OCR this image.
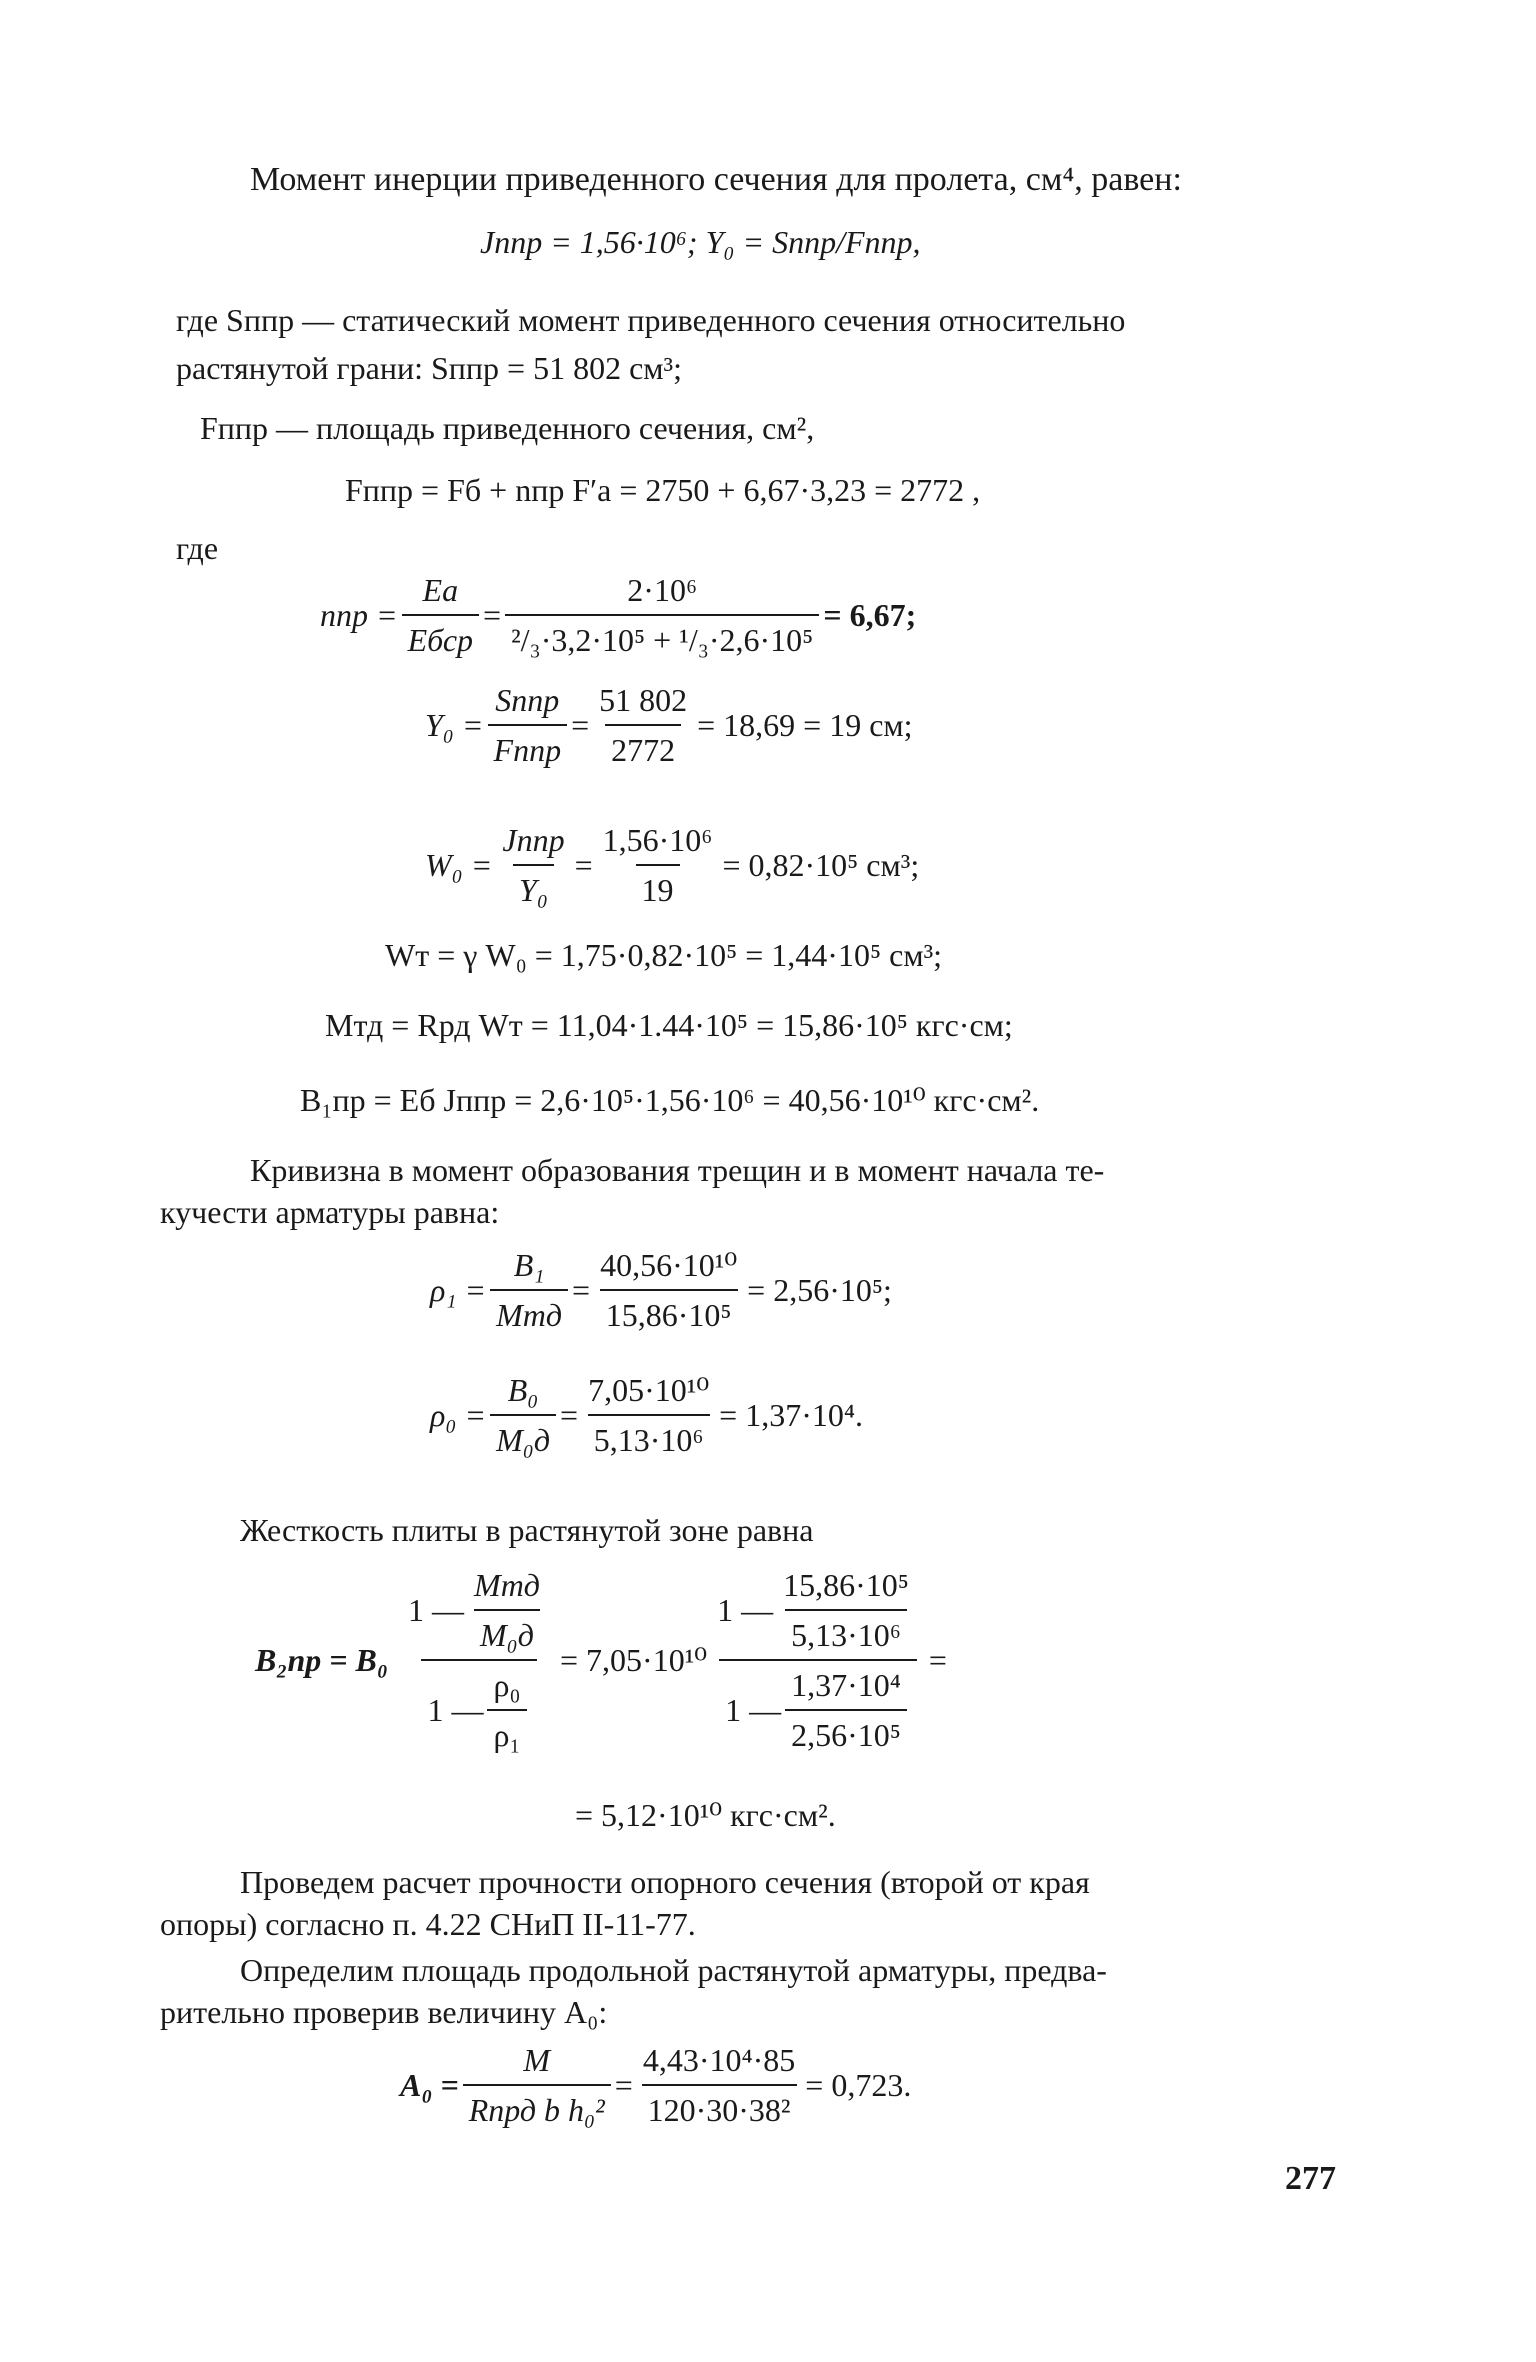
Момент инерции приведенного сечения для пролета, см⁴, равен:
Jппр = 1,56·10⁶; Y₀ = Sппр/Fппр,
где Sппр — статический момент приведенного сечения относительно
растянутой грани: Sппр = 51 802 см³;
Fппр — площадь приведенного сечения, см²,
Fппр = Fб + nпр F′а = 2750 + 6,67·3,23 = 2772 ,
где
nпр = $\frac{Eа}{\text{Eбср}} = \frac{\text{2·10⁶}}{\text{²/₃·3,2·10⁵ + ¹/₃·2,6·10⁵}} = 6,67$;
$Y_0 = \frac{\text{Sппр}}{\text{Fппр}} = \frac{51 802}{2772} = 18,69 = 19$ см;
$W_0 = \frac{\text{Jппр}}{\text{Y₀}} = \frac{\text{1,56·10⁶}}{19} = 0,82\cdot 10^5$ см³;
Wт = γ W₀ = 1,75·0,82·10⁵ = 1,44·10⁵ см³;
Mтд = Rрд Wт = 11,04·1.44·10⁵ = 15,86·10⁵ кгс·см;
B₁пр = Eб Jппр = 2,6·10⁵·1,56·10⁶ = 40,56·10¹⁰ кгс·см².
Кривизна в момент образования трещин и в момент начала те-
кучести арматуры равна:
$\rho_1 = \frac{\text{B₁}}{\text{Mтд}} = \frac{\text{40,56·10¹⁰}}{\text{15,86·10⁵}} = 2,56\cdot 10^5$;
$\rho_0 = \frac{\text{B₀}}{\text{M₀д}} = \frac{\text{7,05·10¹⁰}}{\text{5,13·10⁶}} = 1,37\cdot 10^4$.
Жесткость плиты в растянутой зоне равна
$B_2пр = B_0 \frac{1 — \frac{\text{Mтд}}{\text{M₀д}}}{1 — \frac{\text{ρ₀}}{\text{ρ₁}}} = 7,05\cdot 10^{10} \frac{1 — \frac{\text{15,86·10⁵}}{\text{5,13·10⁶}}}{1 — \frac{\text{1,37·10⁴}}{\text{2,56·10⁵}}}$ =
= 5,12·10¹⁰ кгс·см².
Проведем расчет прочности опорного сечения (второй от края
опоры) согласно п. 4.22 СНиП II-11-77.
Определим площадь продольной растянутой арматуры, предва-
рительно проверив величину A₀:
$A_0 = \frac{M}{\text{Rпрд b h₀²}} = \frac{\text{4,43·10⁴·85}}{\text{120·30·38²}} = 0,723$.
277
